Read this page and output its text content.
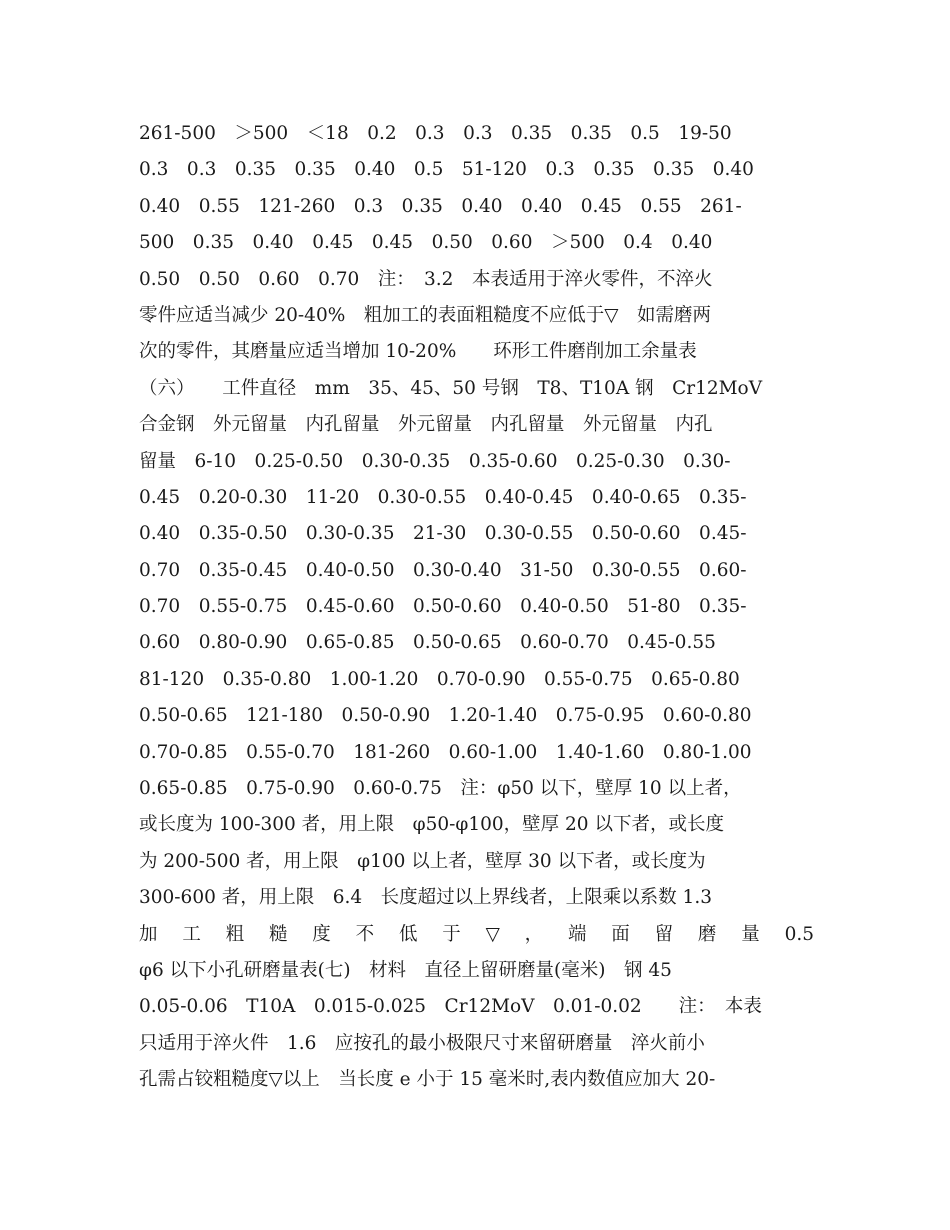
261-500　＞500　＜18　0.2　0.3　0.3　0.35　0.35　0.5　19-50
0.3　0.3　0.35　0.35　0.40　0.5　51-120　0.3　0.35　0.35　0.40
0.40　0.55　121-260　0.3　0.35　0.40　0.40　0.45　0.55　261-
500　0.35　0.40　0.45　0.45　0.50　0.60　＞500　0.4　0.40
0.50　0.50　0.60　0.70　注：　3.2　本表适用于淬火零件，不淬火
零件应适当减少 20-40%　粗加工的表面粗糙度不应低于▽　如需磨两
次的零件，其磨量应适当增加 10-20%　　环形工件磨削加工余量表
（六）　　工件直径　mm　35、45、50 号钢　T8、T10A 钢　Cr12MoV
合金钢　外元留量　内孔留量　外元留量　内孔留量　外元留量　内孔
留量　6-10　0.25-0.50　0.30-0.35　0.35-0.60　0.25-0.30　0.30-
0.45　0.20-0.30　11-20　0.30-0.55　0.40-0.45　0.40-0.65　0.35-
0.40　0.35-0.50　0.30-0.35　21-30　0.30-0.55　0.50-0.60　0.45-
0.70　0.35-0.45　0.40-0.50　0.30-0.40　31-50　0.30-0.55　0.60-
0.70　0.55-0.75　0.45-0.60　0.50-0.60　0.40-0.50　51-80　0.35-
0.60　0.80-0.90　0.65-0.85　0.50-0.65　0.60-0.70　0.45-0.55
81-120　0.35-0.80　1.00-1.20　0.70-0.90　0.55-0.75　0.65-0.80
0.50-0.65　121-180　0.50-0.90　1.20-1.40　0.75-0.95　0.60-0.80
0.70-0.85　0.55-0.70　181-260　0.60-1.00　1.40-1.60　0.80-1.00
0.65-0.85　0.75-0.90　0.60-0.75　注：φ50 以下，壁厚 10 以上者，
或长度为 100-300 者，用上限　φ50-φ100，壁厚 20 以下者，或长度
为 200-500 者，用上限　φ100 以上者，壁厚 30 以下者，或长度为
300-600 者，用上限　6.4　长度超过以上界线者，上限乘以系数 1.3
加 工 粗 糙 度 不 低 于 ▽ ， 端 面 留 磨 量 0.5
φ6 以下小孔研磨量表(七)　材料　直径上留研磨量(毫米)　钢 45
0.05-0.06　T10A　0.015-0.025　Cr12MoV　0.01-0.02　　注：　本表
只适用于淬火件　1.6　应按孔的最小极限尺寸来留研磨量　淬火前小
孔需占铰粗糙度▽以上　当长度 e 小于 15 毫米时,表内数值应加大 20-
